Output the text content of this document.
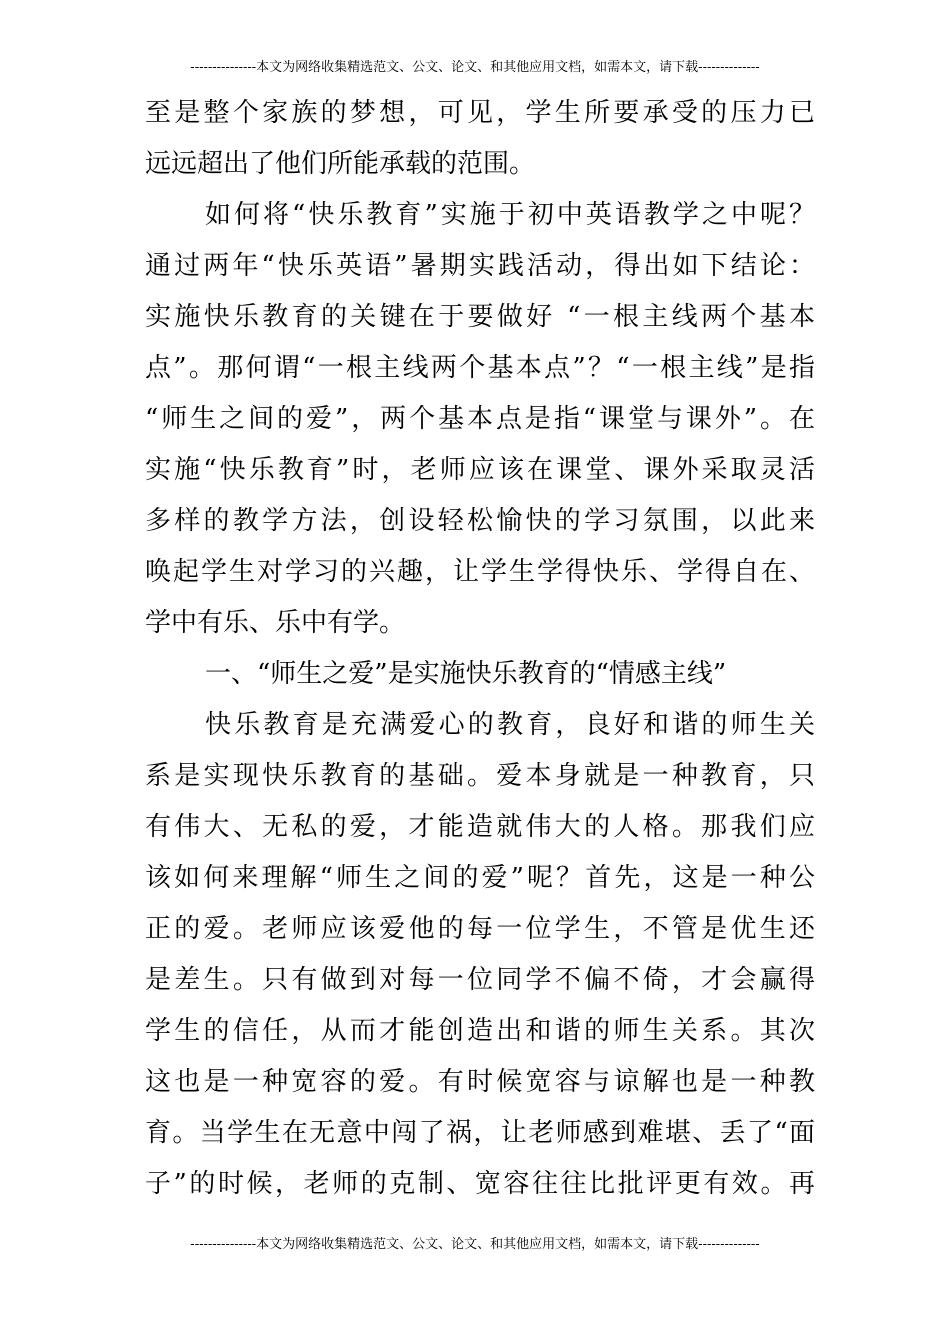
---------------本文为网络收集精选范文、公文、论文、和其他应用文档，如需本文，请下载--------------
至是整个家族的梦想，可见，学生所要承受的压力已
远远超出了他们所能承载的范围。
如何将“快乐教育”实施于初中英语教学之中呢？
通过两年“快乐英语”暑期实践活动，得出如下结论：
实施快乐教育的关键在于要做好 “一根主线两个基本
点”。那何谓“一根主线两个基本点”？“一根主线”是指
“师生之间的爱”，两个基本点是指“课堂与课外”。在
实施“快乐教育”时，老师应该在课堂、课外采取灵活
多样的教学方法，创设轻松愉快的学习氛围，以此来
唤起学生对学习的兴趣，让学生学得快乐、学得自在、
学中有乐、乐中有学。
一、“师生之爱”是实施快乐教育的“情感主线”
快乐教育是充满爱心的教育，良好和谐的师生关
系是实现快乐教育的基础。爱本身就是一种教育，只
有伟大、无私的爱，才能造就伟大的人格。那我们应
该如何来理解“师生之间的爱”呢？首先，这是一种公
正的爱。老师应该爱他的每一位学生，不管是优生还
是差生。只有做到对每一位同学不偏不倚，才会赢得
学生的信任，从而才能创造出和谐的师生关系。其次
这也是一种宽容的爱。有时候宽容与谅解也是一种教
育。当学生在无意中闯了祸，让老师感到难堪、丢了“面
子”的时候，老师的克制、宽容往往比批评更有效。再
---------------本文为网络收集精选范文、公文、论文、和其他应用文档，如需本文，请下载--------------
